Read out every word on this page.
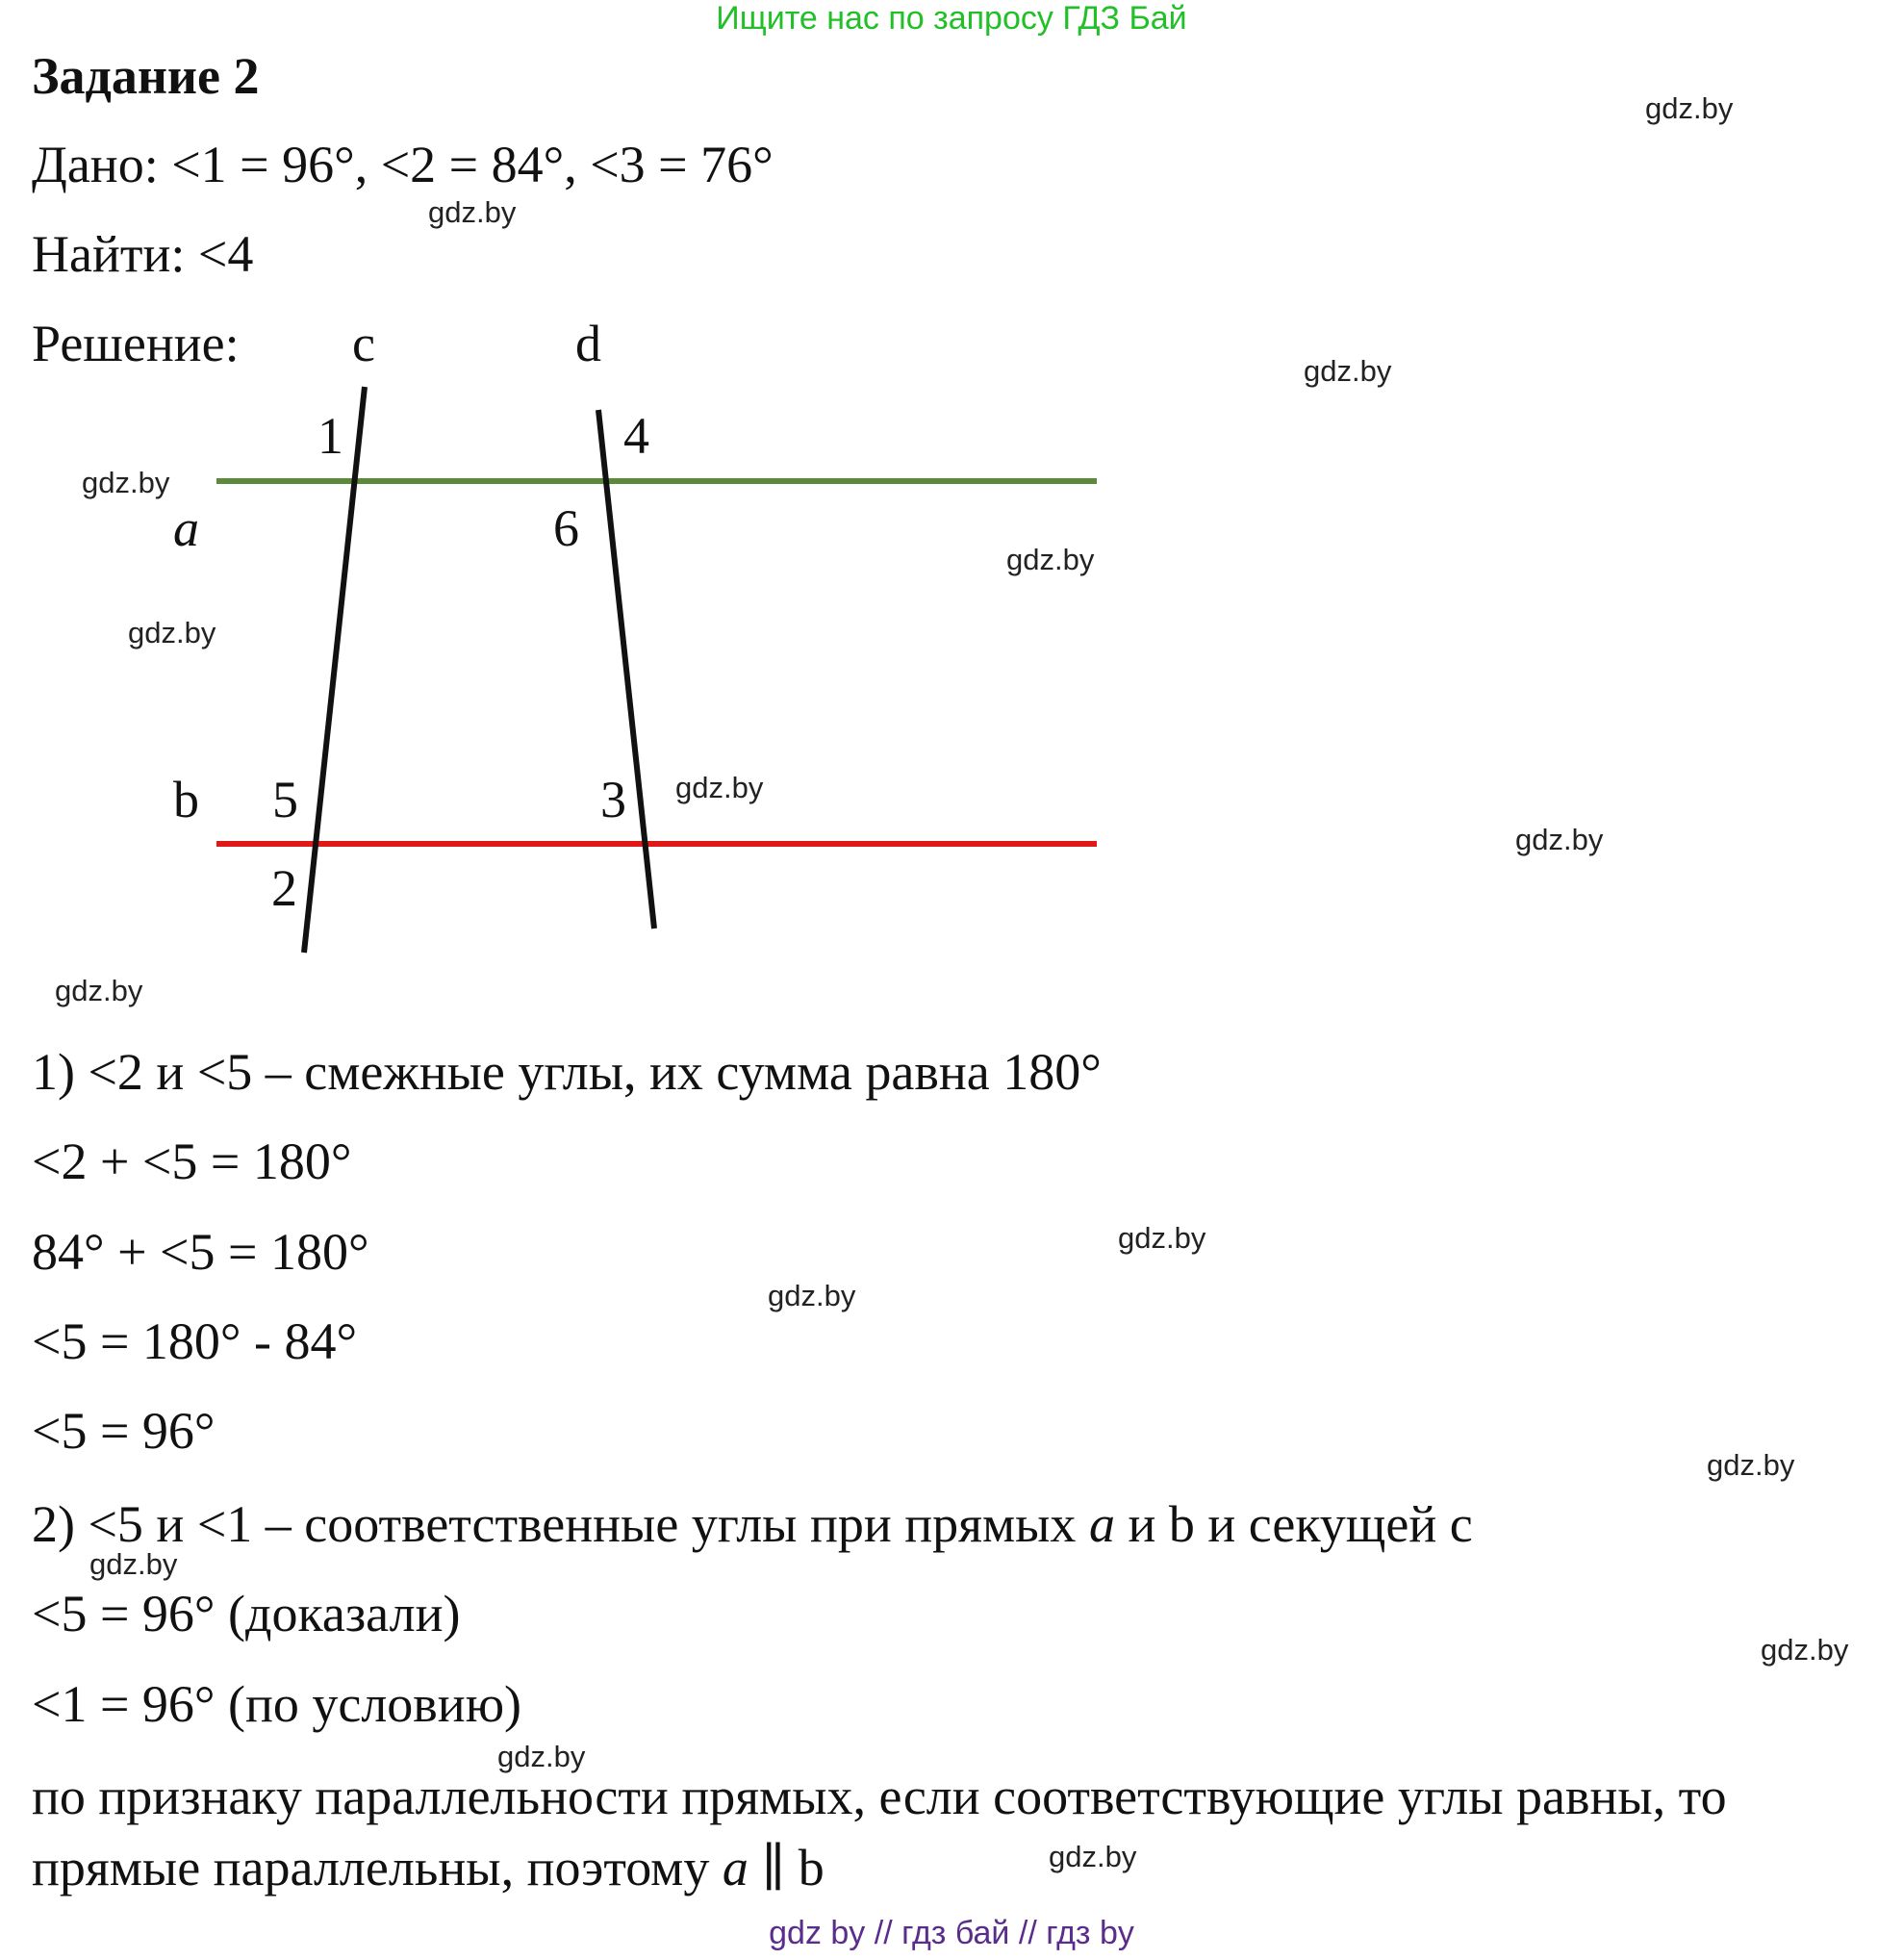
Ищите нас по запросу ГДЗ Бай
Задание 2
Дано: <1 = 96°, <2 = 84°, <3 = 76°
Найти: <4
Решение: c	d
a
b
1
2
3
4
5
6
1) <2 и <5 – смежные углы, их сумма равна 180°
<2 + <5 = 180°
84° + <5 = 180°
<5 = 180° - 84°
<5 = 96°
2) <5 и <1 – соответственные углы при прямых a и b и секущей c
<5 = 96° (доказали)
<1 = 96° (по условию)
по признаку параллельности прямых, если соответствующие углы равны, то
прямые параллельны, поэтому a ∥ b
gdz.by
gdz.by
gdz.by
gdz.by
gdz.by
gdz.by
gdz.by
gdz.by
gdz.by
gdz.by
gdz.by
gdz.by
gdz.by
gdz.by
gdz.by
gdz.by
gdz by // гдз бай // гдз by
